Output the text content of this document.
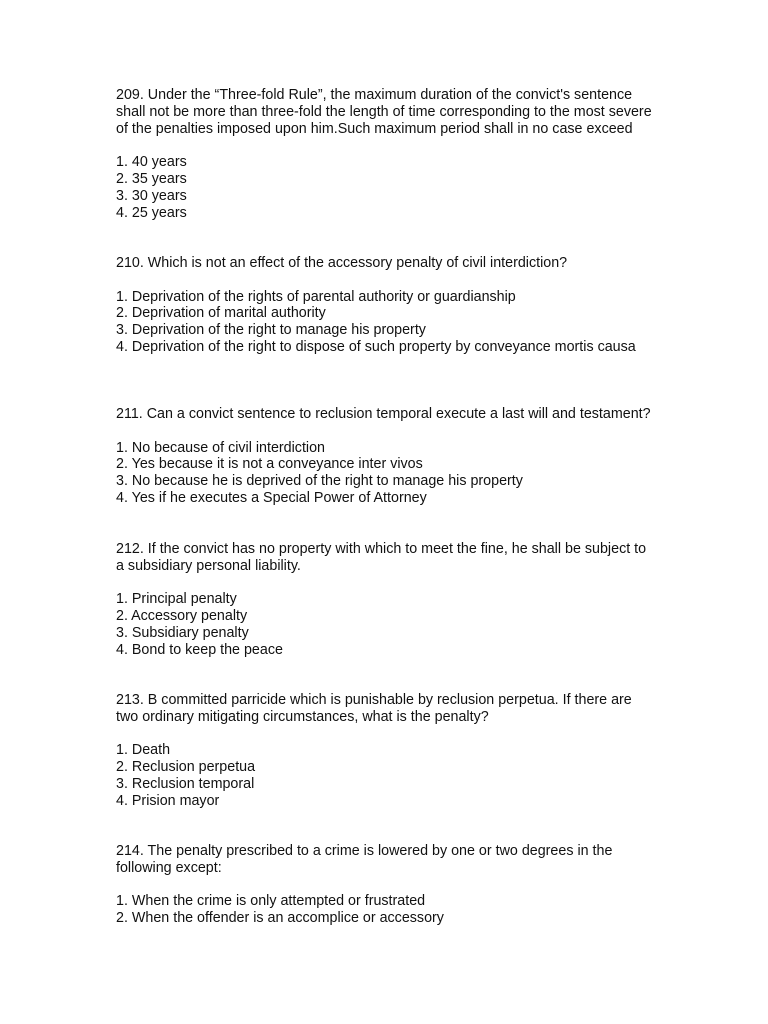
209. Under the “Three-fold Rule”, the maximum duration of the convict's sentence shall not be more than three-fold the length of time corresponding to the most severe of the penalties imposed upon him.Such maximum period shall in no case exceed

1. 40 years
2. 35 years
3. 30 years
4. 25 years

210. Which is not an effect of the accessory penalty of civil interdiction?

1. Deprivation of the rights of parental authority or guardianship
2. Deprivation of marital authority
3. Deprivation of the right to manage his property
4. Deprivation of the right to dispose of such property by conveyance mortis causa

211. Can a convict sentence to reclusion temporal execute a last will and testament?

1. No because of civil interdiction
2. Yes because it is not a conveyance inter vivos
3. No because he is deprived of the right to manage his property
4. Yes if he executes a Special Power of Attorney

212. If the convict has no property with which to meet the fine, he shall be subject to a subsidiary personal liability.

1. Principal penalty
2. Accessory penalty
3. Subsidiary penalty
4. Bond to keep the peace

213. B committed parricide which is punishable by reclusion perpetua. If there are two ordinary mitigating circumstances, what is the penalty?

1. Death
2. Reclusion perpetua
3. Reclusion temporal
4. Prision mayor

214. The penalty prescribed to a crime is lowered by one or two degrees in the following except:

1. When the crime is only attempted or frustrated
2. When the offender is an accomplice or accessory
